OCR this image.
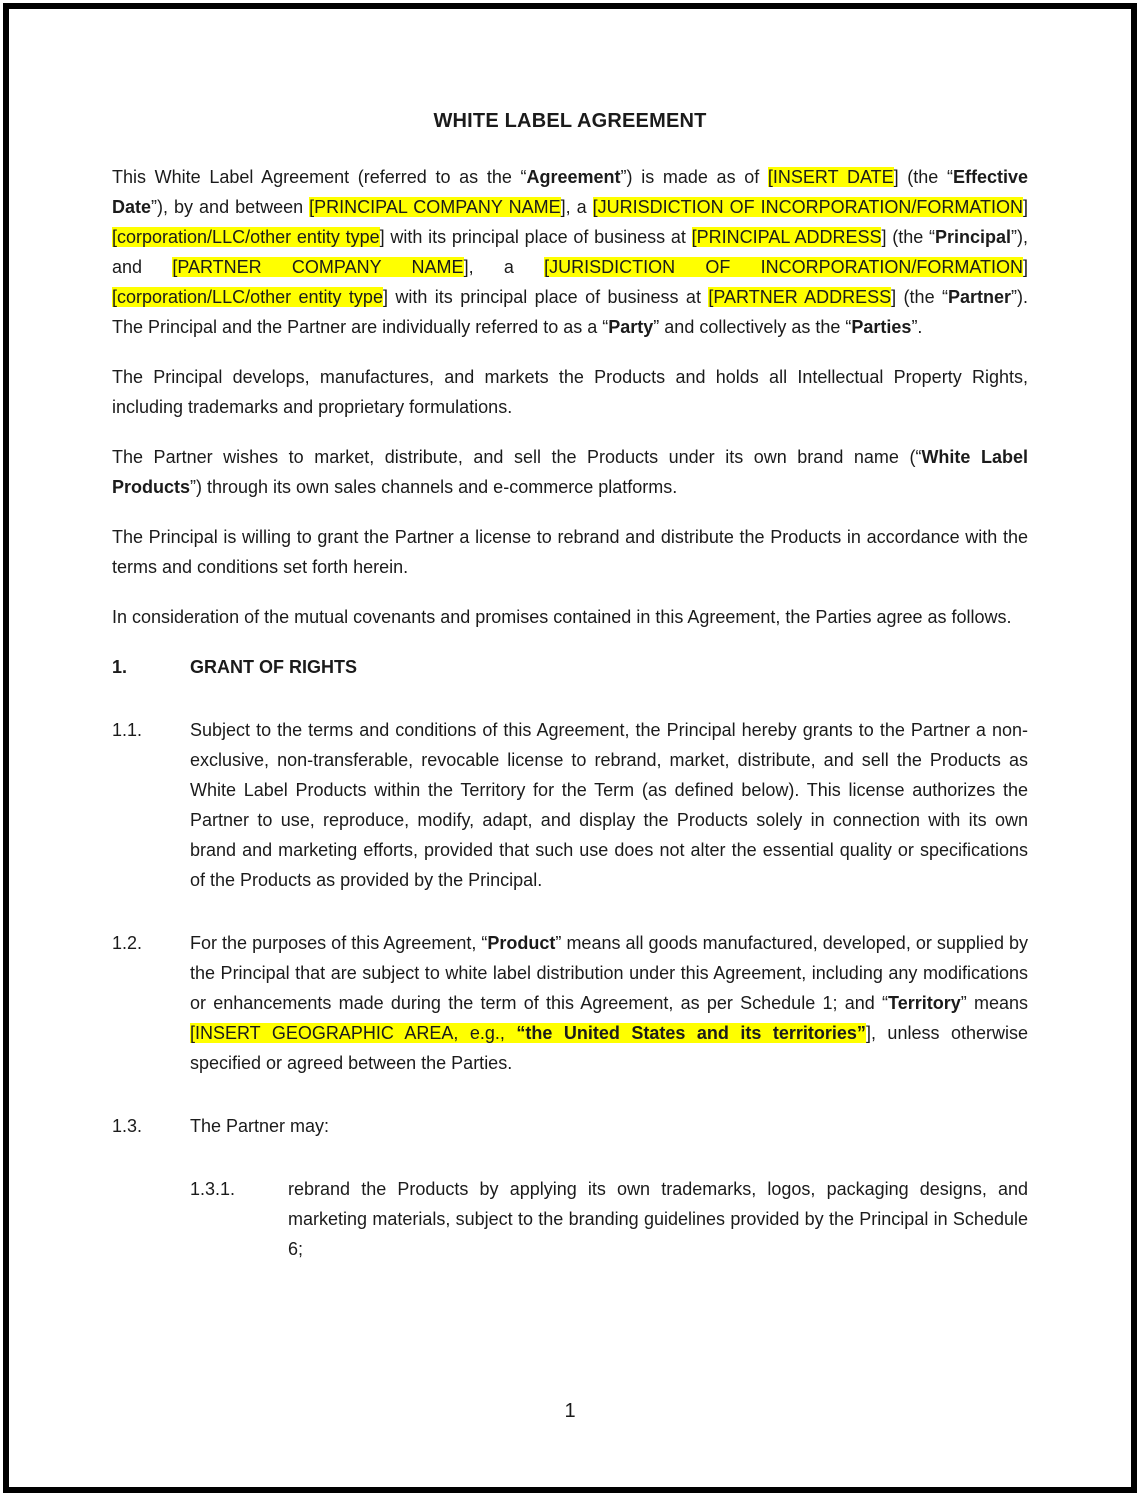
WHITE LABEL AGREEMENT

This White Label Agreement (referred to as the “Agreement”) is made as of [INSERT DATE] (the “Effective Date”), by and between [PRINCIPAL COMPANY NAME], a [JURISDICTION OF INCORPORATION/FORMATION] [corporation/LLC/other entity type] with its principal place of business at [PRINCIPAL ADDRESS] (the “Principal”), and [PARTNER COMPANY NAME], a [JURISDICTION OF INCORPORATION/FORMATION] [corporation/LLC/other entity type] with its principal place of business at [PARTNER ADDRESS] (the “Partner”). The Principal and the Partner are individually referred to as a “Party” and collectively as the “Parties”.

The Principal develops, manufactures, and markets the Products and holds all Intellectual Property Rights, including trademarks and proprietary formulations.

The Partner wishes to market, distribute, and sell the Products under its own brand name (“White Label Products”) through its own sales channels and e-commerce platforms.

The Principal is willing to grant the Partner a license to rebrand and distribute the Products in accordance with the terms and conditions set forth herein.

In consideration of the mutual covenants and promises contained in this Agreement, the Parties agree as follows.

1.	GRANT OF RIGHTS
1.1.	Subject to the terms and conditions of this Agreement, the Principal hereby grants to the Partner a non-exclusive, non-transferable, revocable license to rebrand, market, distribute, and sell the Products as White Label Products within the Territory for the Term (as defined below). This license authorizes the Partner to use, reproduce, modify, adapt, and display the Products solely in connection with its own brand and marketing efforts, provided that such use does not alter the essential quality or specifications of the Products as provided by the Principal.
1.2.	For the purposes of this Agreement, “Product” means all goods manufactured, developed, or supplied by the Principal that are subject to white label distribution under this Agreement, including any modifications or enhancements made during the term of this Agreement, as per Schedule 1; and “Territory” means [INSERT GEOGRAPHIC AREA, e.g., “the United States and its territories”], unless otherwise specified or agreed between the Parties.
1.3.	The Partner may:
1.3.1.	rebrand the Products by applying its own trademarks, logos, packaging designs, and marketing materials, subject to the branding guidelines provided by the Principal in Schedule 6;
1
